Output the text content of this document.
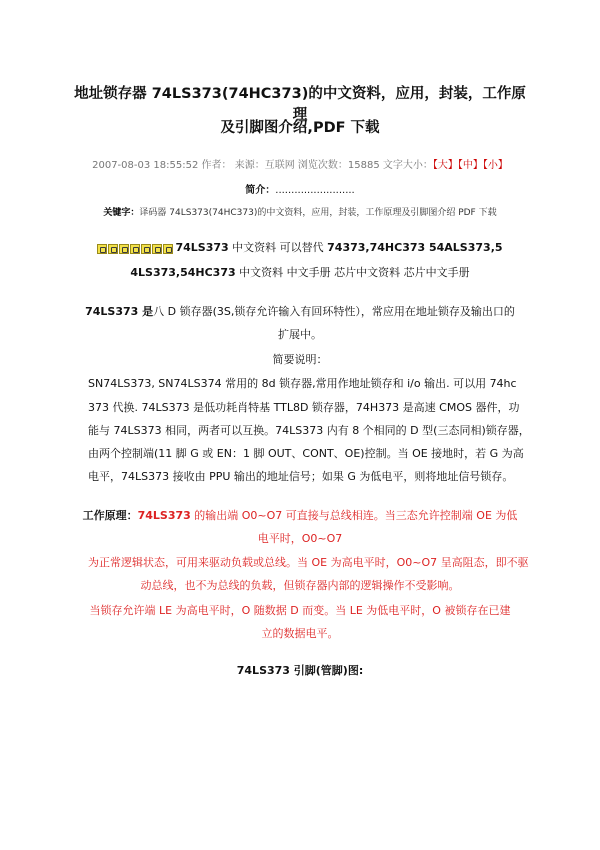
地址锁存器 74LS373(74HC373)的中文资料，应用，封装，工作原理
及引脚图介绍,PDF 下载
2007-08-03 18:55:52 作者： 来源：互联网 浏览次数：15885 文字大小：【大】【中】【小】
简介：.........................
关键字：译码器 74LS373(74HC373)的中文资料，应用，封装，工作原理及引脚图介绍 PDF 下载
74LS373 中文资料 可以替代 74373,74HC373 54ALS373,5
4LS373,54HC373 中文资料 中文手册 芯片中文资料 芯片中文手册
74LS373 是八 D 锁存器(3S,锁存允许输入有回环特性），常应用在地址锁存及输出口的
扩展中。
简要说明：
SN74LS373, SN74LS374 常用的 8d 锁存器,常用作地址锁存和 i/o 输出. 可以用 74hc
373 代换. 74LS373 是低功耗肖特基 TTL8D 锁存器，74H373 是高速 CMOS 器件，功
能与 74LS373 相同，两者可以互换。74LS373 内有 8 个相同的 D 型(三态同相)锁存器，
由两个控制端(11 脚 G 或 EN：1 脚 OUT、CONT、OE)控制。当 OE 接地时，若 G 为高
电平，74LS373 接收由 PPU 输出的地址信号；如果 G 为低电平，则将地址信号锁存。
工作原理：74LS373 的输出端 O0~O7 可直接与总线相连。当三态允许控制端 OE 为低
电平时，O0~O7
为正常逻辑状态，可用来驱动负载或总线。当 OE 为高电平时，O0~O7 呈高阻态，即不驱
动总线，也不为总线的负载，但锁存器内部的逻辑操作不受影响。
当锁存允许端 LE 为高电平时，O 随数据 D 而变。当 LE 为低电平时，O 被锁存在已建
立的数据电平。
74LS373 引脚(管脚)图:
